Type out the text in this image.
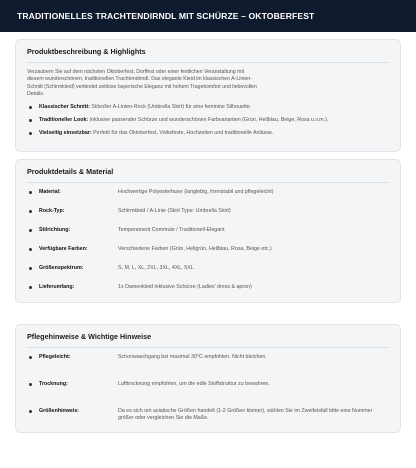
TRADITIONELLES TRACHTENDIRNDL MIT SCHÜRZE – OKTOBERFEST
Produktbeschreibung & Highlights

Verzaubern Sie auf dem nächsten Oktoberfest, Dorffest oder einer festlichen Veranstaltung mit diesem wunderschönen, traditionellen Trachtendirndl. Das elegante Kleid im klassischen A-Linien-Schnitt (Schirmkleid) verbindet zeitlose bayerische Eleganz mit hohem Tragekomfort und liebevollen Details.

Klassischer Schnitt: Stilvoller A-Linien-Rock (Umbrella Skirt) für eine feminine Silhouette.
Traditioneller Look: Inklusive passender Schürze und wunderschönen Farbvarianten (Grün, Hellblau, Beige, Rosa u.v.m.).
Vielseitig einsetzbar: Perfekt für das Oktoberfest, Volksfeste, Hochzeiten und traditionelle Anlässe.
Produktdetails & Material
Material:	Hochwertige Polyesterfaser (langlebig, formstabil und pflegeleicht)
Rock-Typ:	Schirmkleid / A-Linie (Skirt Type: Umbrella Skirt)
Stilrichtung:	Temperament Commute / Traditionell-Elegant
Verfügbare Farben:	Verschiedene Farben (Grün, Hellgrün, Hellblau, Rosa, Beige etc.)
Größenspektrum:	S, M, L, XL, 2XL, 3XL, 4XL, 5XL
Lieferumfang:	1x Damenkleid inklusive Schürze (Ladies' dress & apron)
Pflegehinweise & Wichtige Hinweise
Pflegeleicht:	Schonwaschgang bei maximal 30°C empfohlen. Nicht bleichen.
Trocknung:	Lufttrocknung empfohlen, um die edle Stoffstruktur zu bewahren.
Größenhinweis:	Da es sich um asiatische Größen handelt (1-2 Größen kleiner), wählen Sie im Zweifelsfall bitte eine Nummer größer oder vergleichen Sie die Maße.
